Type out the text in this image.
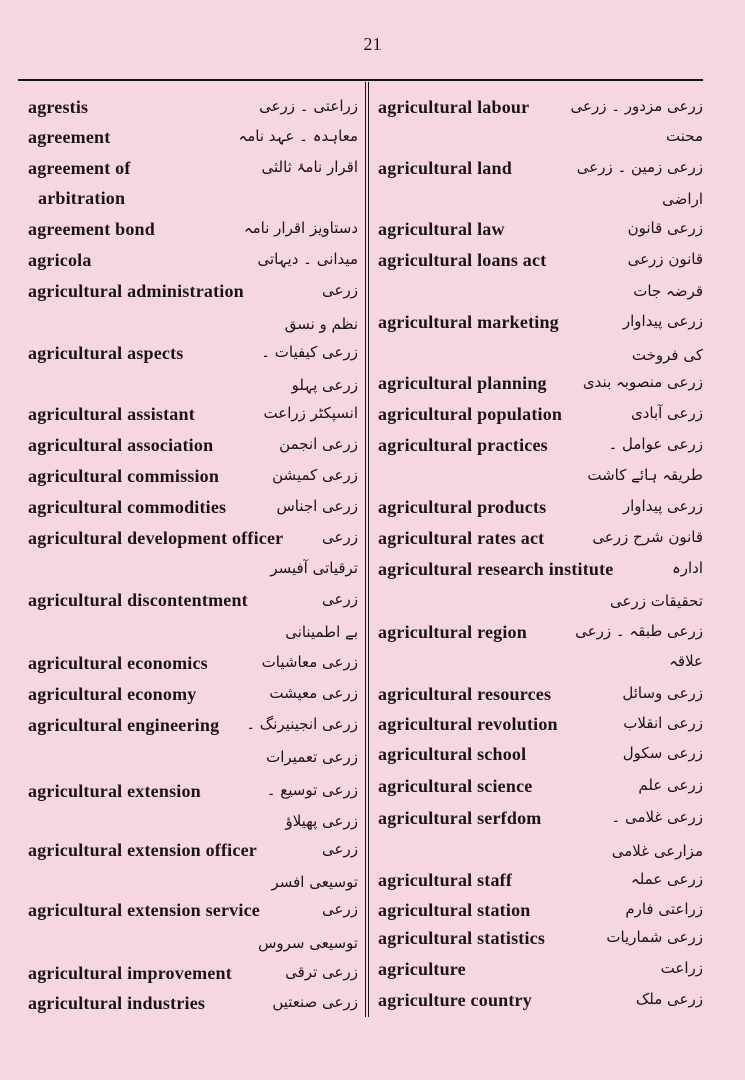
21
agrestis	زراعتی ۔ زرعی
agreement	معاہدہ ۔ عہد نامہ
agreement of	اقرار نامۂ ثالثی
arbitration
agreement bond	دستاویز اقرار نامہ
agricola	میدانی ۔ دیہاتی
agricultural administration	زرعی
نظم و نسق
agricultural aspects	زرعی کیفیات ۔
زرعی پہلو
agricultural assistant	انسپکٹر زراعت
agricultural association	زرعی انجمن
agricultural commission	زرعی کمیشن
agricultural commodities	زرعی اجناس
agricultural development officer	زرعی
ترقیاتی آفیسر
agricultural discontentment	زرعی
بے اطمینانی
agricultural economics	زرعی معاشیات
agricultural economy	زرعی معیشت
agricultural engineering زرعی انجینیرنگ ۔
زرعی تعمیرات
agricultural extension	زرعی توسیع ۔
زرعی پھیلاؤ
agricultural extension officer	زرعی
توسیعی افسر
agricultural extension service	زرعی
توسیعی سروس
agricultural improvement	زرعی ترقی
agricultural industries	زرعی صنعتیں
agricultural labour	زرعی مزدور ۔ زرعی
محنت
agricultural land	زرعی زمین ۔ زرعی
اراضی
agricultural law	زرعی قانون
agricultural loans act	قانون زرعی
قرضہ جات
agricultural marketing	زرعی پیداوار
کی فروخت
agricultural planning زرعی منصوبہ بندی
agricultural population	زرعی آبادی
agricultural practices	زرعی عوامل ۔
طریقہ ہائے کاشت
agricultural products	زرعی پیداوار
agricultural rates act	قانون شرح زرعی
agricultural research institute	ادارہ
تحقیقات زرعی
agricultural region	زرعی طبقہ ۔ زرعی
علاقہ
agricultural resources	زرعی وسائل
agricultural revolution	زرعی انقلاب
agricultural school	زرعی سکول
agricultural science	زرعی علم
agricultural serfdom	زرعی غلامی ۔
مزارعی غلامی
agricultural staff	زرعی عملہ
agricultural station	زراعتی فارم
agricultural statistics	زرعی شماریات
agriculture	زراعت
agriculture country	زرعی ملک
